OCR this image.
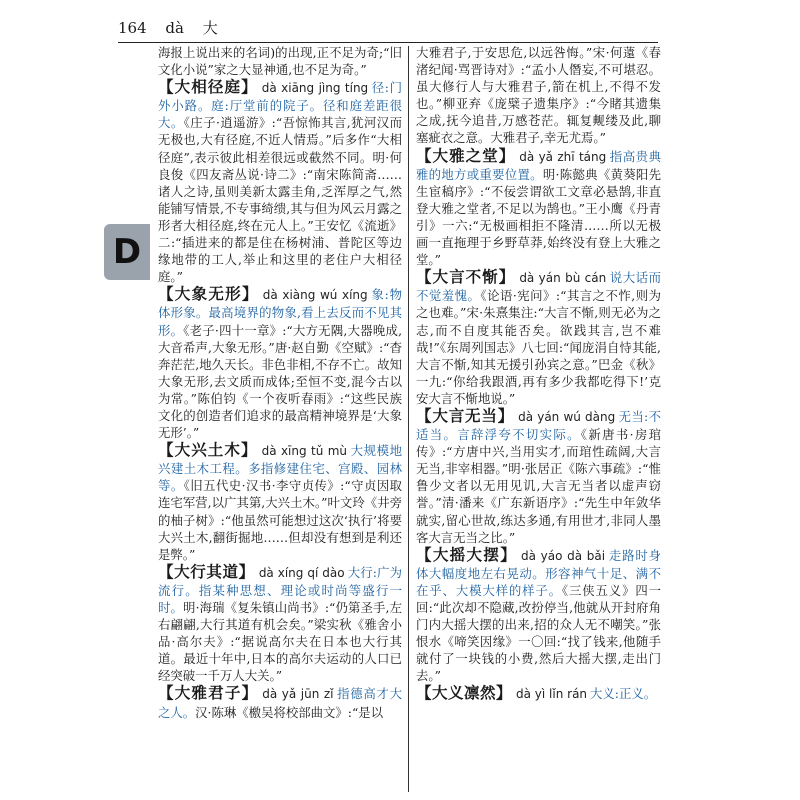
164 dà 大
D

海报上说出来的名词)的出现,正不足为奇;“旧文化小说”家之大显神通,也不足为奇。”

【大相径庭】 dà xiāng jìng tíng 径:门外小路。庭:厅堂前的院子。径和庭差距很大。《庄子·逍遥游》:“吾惊怖其言,犹河汉而无极也,大有径庭,不近人情焉。”后多作“大相径庭”,表示彼此相差很远或截然不同。明·何良俊《四友斋丛说·诗二》:“南宋陈简斋……诸人之诗,虽则美新太露圭角,乏浑厚之气,然能铺写情景,不专事绮缋,其与但为风云月露之形者大相径庭,终在元人上。”王安忆《流逝》二:“插进来的都是住在杨树浦、普陀区等边缘地带的工人,举止和这里的老住户大相径庭。”

【大象无形】 dà xiàng wú xíng 象:物体形象。最高境界的物象,看上去反而不见其形。《老子·四十一章》:“大方无隅,大器晚成,大音希声,大象无形。”唐·赵自勤《空赋》:“杳奔茫茫,地久天长。非色非相,不存不亡。故知大象无形,去文质而成体;至恒不变,混今古以为常。”陈伯钧《一个夜听春雨》:“这些民族文化的创造者们追求的最高精神境界是‘大象无形’。”

【大兴土木】 dà xīng tǔ mù 大规模地兴建土木工程。多指修建住宅、宫殿、园林等。《旧五代史·汉书·李守贞传》:“守贞因取连宅军营,以广其第,大兴土木。”叶文玲《井旁的柚子树》:“他虽然可能想过这次‘执行’将要大兴土木,翻街掘地……但却没有想到是利还是弊。”

【大行其道】 dà xíng qí dào 大行:广为流行。指某种思想、理论或时尚等盛行一时。明·海瑞《复朱镇山尚书》:“仍第圣手,左右翩翩,大行其道有机会矣。”梁实秋《雅舍小品·高尔夫》:“据说高尔夫在日本也大行其道。最近十年中,日本的高尔夫运动的人口已经突破一千万人大关。”

【大雅君子】 dà yǎ jūn zǐ 指德高才大之人。汉·陈琳《檄吴将校部曲文》:“是以

大雅君子,于安思危,以远咎悔。”宋·何薳《春渚纪闻·骂晋诗对》:“孟小人僭妄,不可堪忍。虽大修行人与大雅君子,箭在机上,不得不发也。”柳亚弃《庞檗子遗集序》:“今睹其遗集之成,抚今追昔,万感苍茫。辄复觍缕及此,聊塞疵衣之意。大雅君子,幸无尤焉。”

【大雅之堂】 dà yǎ zhī táng 指高贵典雅的地方或重要位置。明·陈懿典《黄葵阳先生宦稿序》:“不佞尝谓欲工文章必悬鹄,非直登大雅之堂者,不足以为鹄也。”王小鹰《丹青引》一六:“无极画相拒不隆清……所以无极画一直拖理于乡野草莽,始终没有登上大雅之堂。”

【大言不惭】 dà yán bù cán 说大话而不觉羞愧。《论语·宪问》:“其言之不怍,则为之也难。”宋·朱熹集注:“大言不惭,则无必为之志,而不自度其能否矣。欲践其言,岂不难哉!”《东周列国志》八七回:“闻庞涓自恃其能,大言不惭,知其无援引孙宾之意。”巴金《秋》一九:“你给我跟酒,再有多少我都吃得下!’克安大言不惭地说。”

【大言无当】 dà yán wú dàng 无当:不适当。言辞浮夸不切实际。《新唐书·房琯传》:“方唐中兴,当用实才,而琯性疏阔,大言无当,非宰相器。”明·张居正《陈六事疏》:“惟鲁少文者以无用见讥,大言无当者以虚声窃誉。”清·潘来《广东新语序》:“先生中年敛华就实,留心世故,练达多通,有用世才,非同人墨客大言无当之比。”

【大摇大摆】 dà yáo dà bǎi 走路时身体大幅度地左右晃动。形容神气十足、满不在乎、大模大样的样子。《三侠五义》四一回:“此次却不隐藏,改扮停当,他就从开封府角门内大摇大摆的出来,招的众人无不嘲笑。”张恨水《啼笑因缘》一〇回:“找了钱来,他随手就付了一块钱的小费,然后大摇大摆,走出门去。”

【大义凛然】 dà yì lǐn rán 大义:正义。
